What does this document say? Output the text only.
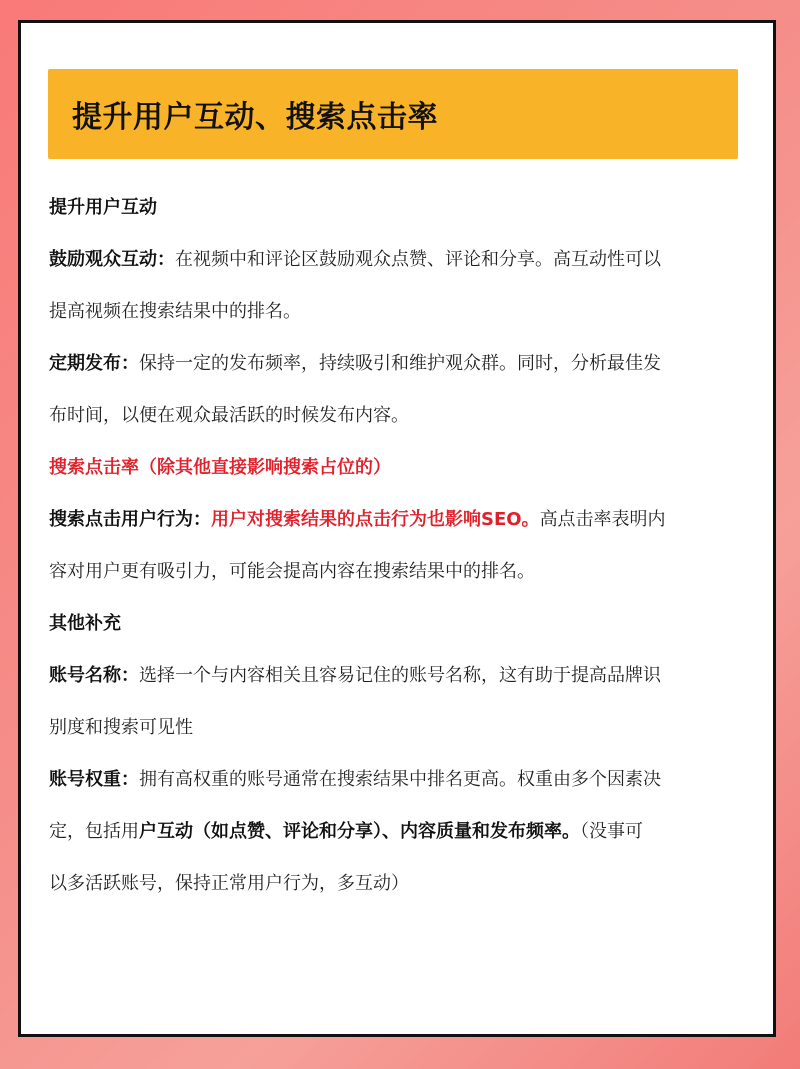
提升用户互动、搜索点击率
提升用户互动
鼓励观众互动：在视频中和评论区鼓励观众点赞、评论和分享。高互动性可以
提高视频在搜索结果中的排名。
定期发布：保持一定的发布频率，持续吸引和维护观众群。同时，分析最佳发
布时间，以便在观众最活跃的时候发布内容。
搜索点击率（除其他直接影响搜索占位的）
搜索点击用户行为：用户对搜索结果的点击行为也影响SEO。高点击率表明内
容对用户更有吸引力，可能会提高内容在搜索结果中的排名。
其他补充
账号名称：选择一个与内容相关且容易记住的账号名称，这有助于提高品牌识
别度和搜索可见性
账号权重：拥有高权重的账号通常在搜索结果中排名更高。权重由多个因素决
定，包括用户互动（如点赞、评论和分享）、内容质量和发布频率。（没事可
以多活跃账号，保持正常用户行为，多互动）
